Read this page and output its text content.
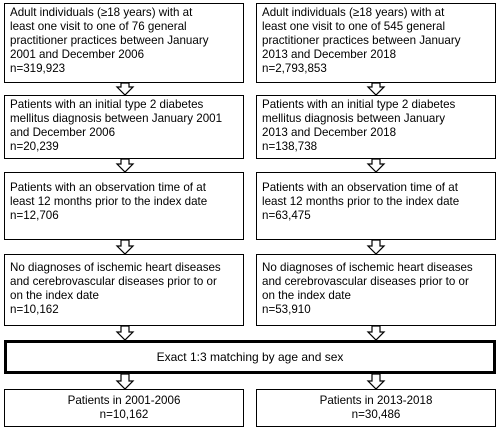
Adult individuals (≥18 years) with at
least one visit to one of 76 general
practitioner practices between January
2001 and December 2006
n=319,923
Patients with an initial type 2 diabetes
mellitus diagnosis between January 2001
and December 2006
n=20,239
Patients with an observation time of at
least 12 months prior to the index date
n=12,706
No diagnoses of ischemic heart diseases
and cerebrovascular diseases prior to or
on the index date
n=10,162
Adult individuals (≥18 years) with at
least one visit to one of 545 general
practitioner practices between January
2013 and December 2018
n=2,793,853
Patients with an initial type 2 diabetes
mellitus diagnosis between January
2013 and December 2018
n=138,738
Patients with an observation time of at
least 12 months prior to the index date
n=63,475
No diagnoses of ischemic heart diseases
and cerebrovascular diseases prior to or
on the index date
n=53,910
Exact 1:3 matching by age and sex
Patients in 2001-2006
n=10,162
Patients in 2013-2018
n=30,486
